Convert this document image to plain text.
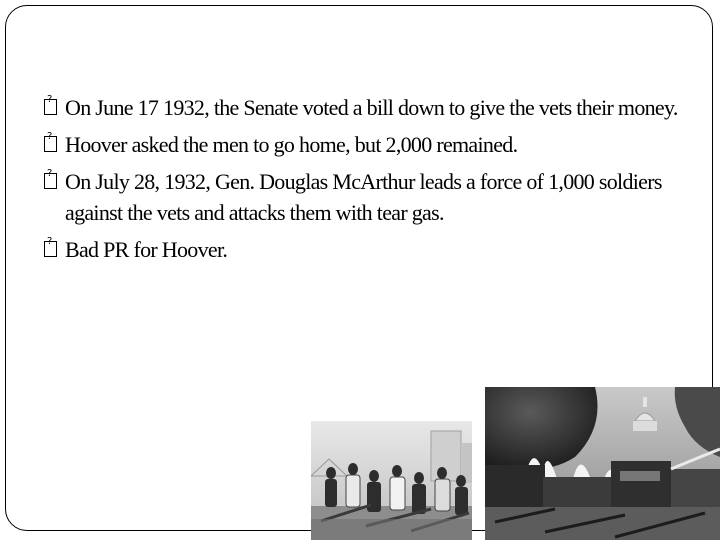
?
On June 17 1932, the Senate voted a bill down to give the vets their money.
?
Hoover asked the men to go home, but 2,000 remained.
?
On July 28, 1932, Gen. Douglas McArthur leads a force of 1,000 soldiers against the vets and attacks them with tear gas.
?
Bad PR for Hoover.
